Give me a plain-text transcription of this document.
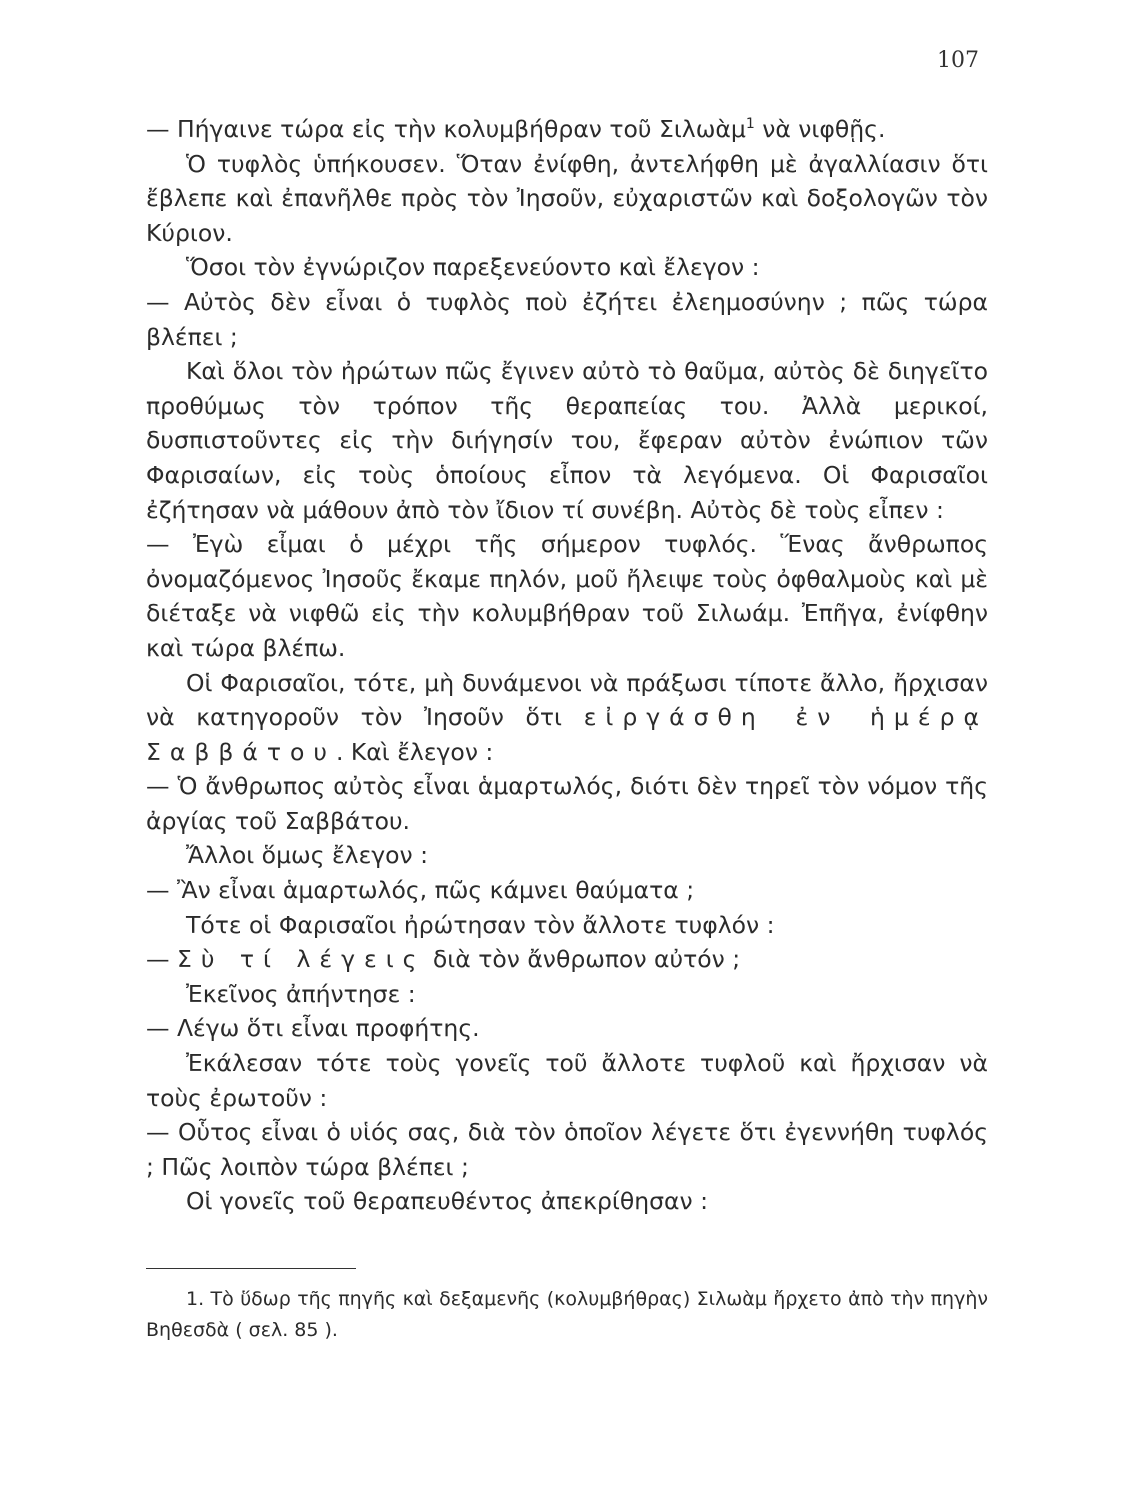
107

— Πήγαινε τώρα εἰς τὴν κολυμβήθραν τοῦ Σιλωὰμ$^1$ νὰ νιφθῇς.

Ὁ τυφλὸς ὑπήκουσεν. Ὅταν ἐνίφθη, ἀντελήφθη μὲ ἀγαλλίασιν ὅτι ἔβλεπε καὶ ἐπανῆλθε πρὸς τὸν Ἰησοῦν, εὐχαριστῶν καὶ δοξολογῶν τὸν Κύριον.

Ὅσοι τὸν ἐγνώριζον παρεξενεύοντο καὶ ἔλεγον :

— Αὐτὸς δὲν εἶναι ὁ τυφλὸς ποὺ ἐζήτει ἐλεημοσύνην ; πῶς τώρα βλέπει ;

Καὶ ὅλοι τὸν ἠρώτων πῶς ἔγινεν αὐτὸ τὸ θαῦμα, αὐτὸς δὲ διηγεῖτο προθύμως τὸν τρόπον τῆς θεραπείας του. Ἀλλὰ μερικοί, δυσπιστοῦντες εἰς τὴν διήγησίν του, ἔφεραν αὐτὸν ἐνώπιον τῶν Φαρισαίων, εἰς τοὺς ὁποίους εἶπον τὰ λεγόμενα. Οἱ Φαρισαῖοι ἐζήτησαν νὰ μάθουν ἀπὸ τὸν ἴδιον τί συνέβη. Αὐτὸς δὲ τοὺς εἶπεν :

— Ἐγὼ εἶμαι ὁ μέχρι τῆς σήμερον τυφλός. Ἕνας ἄνθρωπος ὀνομαζόμενος Ἰησοῦς ἔκαμε πηλόν, μοῦ ἤλειψε τοὺς ὀφθαλμοὺς καὶ μὲ διέταξε νὰ νιφθῶ εἰς τὴν κολυμβήθραν τοῦ Σιλωάμ. Ἐπῆγα, ἐνίφθην καὶ τώρα βλέπω.

Οἱ Φαρισαῖοι, τότε, μὴ δυνάμενοι νὰ πράξωσι τίποτε ἄλλο, ἤρχισαν νὰ κατηγοροῦν τὸν Ἰησοῦν ὅτι εἰργάσθη ἐν ἡμέρᾳ Σαββάτου. Καὶ ἔλεγον :

— Ὁ ἄνθρωπος αὐτὸς εἶναι ἁμαρτωλός, διότι δὲν τηρεῖ τὸν νόμον τῆς ἀργίας τοῦ Σαββάτου.

Ἄλλοι ὅμως ἔλεγον :

— Ἂν εἶναι ἁμαρτωλός, πῶς κάμνει θαύματα ;

Τότε οἱ Φαρισαῖοι ἠρώτησαν τὸν ἄλλοτε τυφλόν :

— Σὺ τί λέγεις διὰ τὸν ἄνθρωπον αὐτόν ;

Ἐκεῖνος ἀπήντησε :

— Λέγω ὅτι εἶναι προφήτης.

Ἐκάλεσαν τότε τοὺς γονεῖς τοῦ ἄλλοτε τυφλοῦ καὶ ἤρχισαν νὰ τοὺς ἐρωτοῦν :

— Οὗτος εἶναι ὁ υἱός σας, διὰ τὸν ὁποῖον λέγετε ὅτι ἐγεννήθη τυφλός ; Πῶς λοιπὸν τώρα βλέπει ;

Οἱ γονεῖς τοῦ θεραπευθέντος ἀπεκρίθησαν :

1. Τὸ ὕδωρ τῆς πηγῆς καὶ δεξαμενῆς (κολυμβήθρας) Σιλωὰμ ἤρχετο ἀπὸ τὴν πηγὴν Βηθεσδὰ ( σελ. 85 ).
